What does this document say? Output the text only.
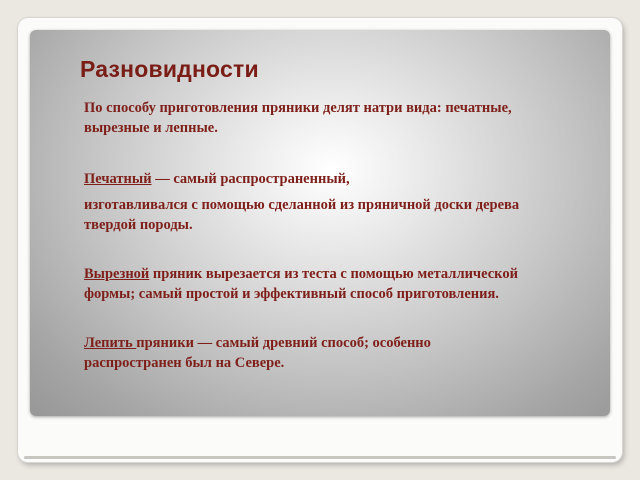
Разновидности

По способу приготовления пряники делят натри вида: печатные,
вырезные и лепные.

Печатный — самый распространенный,
изготавливался с помощью сделанной из пряничной доски дерева
твердой породы.

Вырезной пряник вырезается из теста с помощью металлической
формы; самый простой и эффективный способ приготовления.

Лепить пряники — самый древний способ; особенно
распространен был на Севере.
